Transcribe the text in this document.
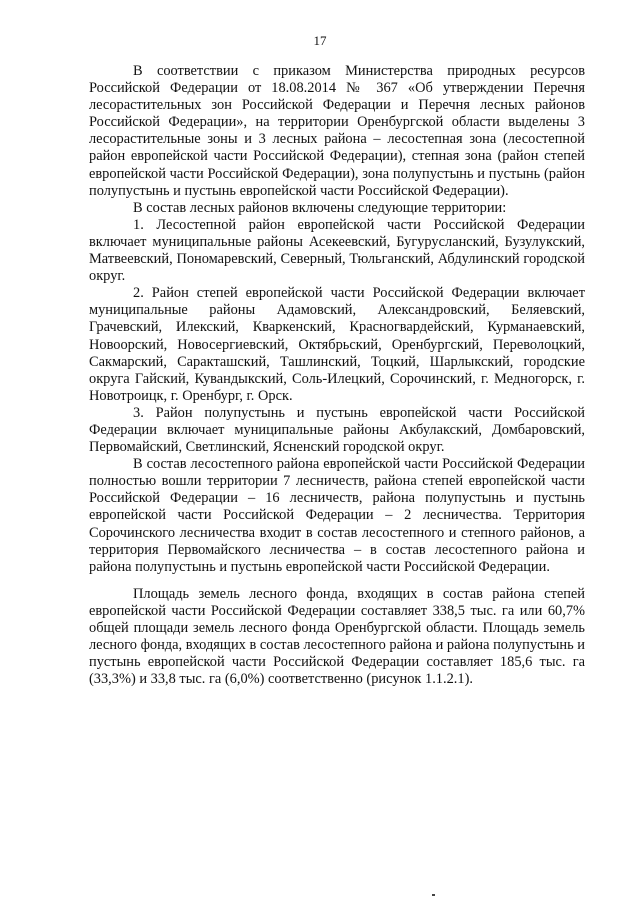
17

В соответствии с приказом Министерства природных ресурсов Российской Федерации от 18.08.2014 № 367 «Об утверждении Перечня лесорастительных зон Российской Федерации и Перечня лесных районов Российской Федерации», на территории Оренбургской области выделены 3 лесорастительные зоны и 3 лесных района – лесостепная зона (лесостепной район европейской части Российской Федерации), степная зона (район степей европейской части Российской Федерации), зона полупустынь и пустынь (район полупустынь и пустынь европейской части Российской Федерации).

В состав лесных районов включены следующие территории:

1. Лесостепной район европейской части Российской Федерации включает муниципальные районы Асекеевский, Бугурусланский, Бузулукский, Матвеевский, Пономаревский, Северный, Тюльганский, Абдулинский городской округ.

2. Район степей европейской части Российской Федерации включает муниципальные районы Адамовский, Александровский, Беляевский, Грачевский, Илекский, Кваркенский, Красногвардейский, Курманаевский, Новоорский, Новосергиевский, Октябрьский, Оренбургский, Переволоцкий, Сакмарский, Саракташский, Ташлинский, Тоцкий, Шарлыкский, городские округа Гайский, Кувандыкский, Соль-Илецкий, Сорочинский, г. Медногорск, г. Новотроицк, г. Оренбург, г. Орск.

3. Район полупустынь и пустынь европейской части Российской Федерации включает муниципальные районы Акбулакский, Домбаровский, Первомайский, Светлинский, Ясненский городской округ.

В состав лесостепного района европейской части Российской Федерации полностью вошли территории 7 лесничеств, района степей европейской части Российской Федерации – 16 лесничеств, района полупустынь и пустынь европейской части Российской Федерации – 2 лесничества. Территория Сорочинского лесничества входит в состав лесостепного и степного районов, а территория Первомайского лесничества – в состав лесостепного района и района полупустынь и пустынь европейской части Российской Федерации.

Площадь земель лесного фонда, входящих в состав района степей европейской части Российской Федерации составляет 338,5 тыс. га или 60,7% общей площади земель лесного фонда Оренбургской области. Площадь земель лесного фонда, входящих в состав лесостепного района и района полупустынь и пустынь европейской части Российской Федерации составляет 185,6 тыс. га (33,3%) и 33,8 тыс. га (6,0%) соответственно (рисунок 1.1.2.1).
